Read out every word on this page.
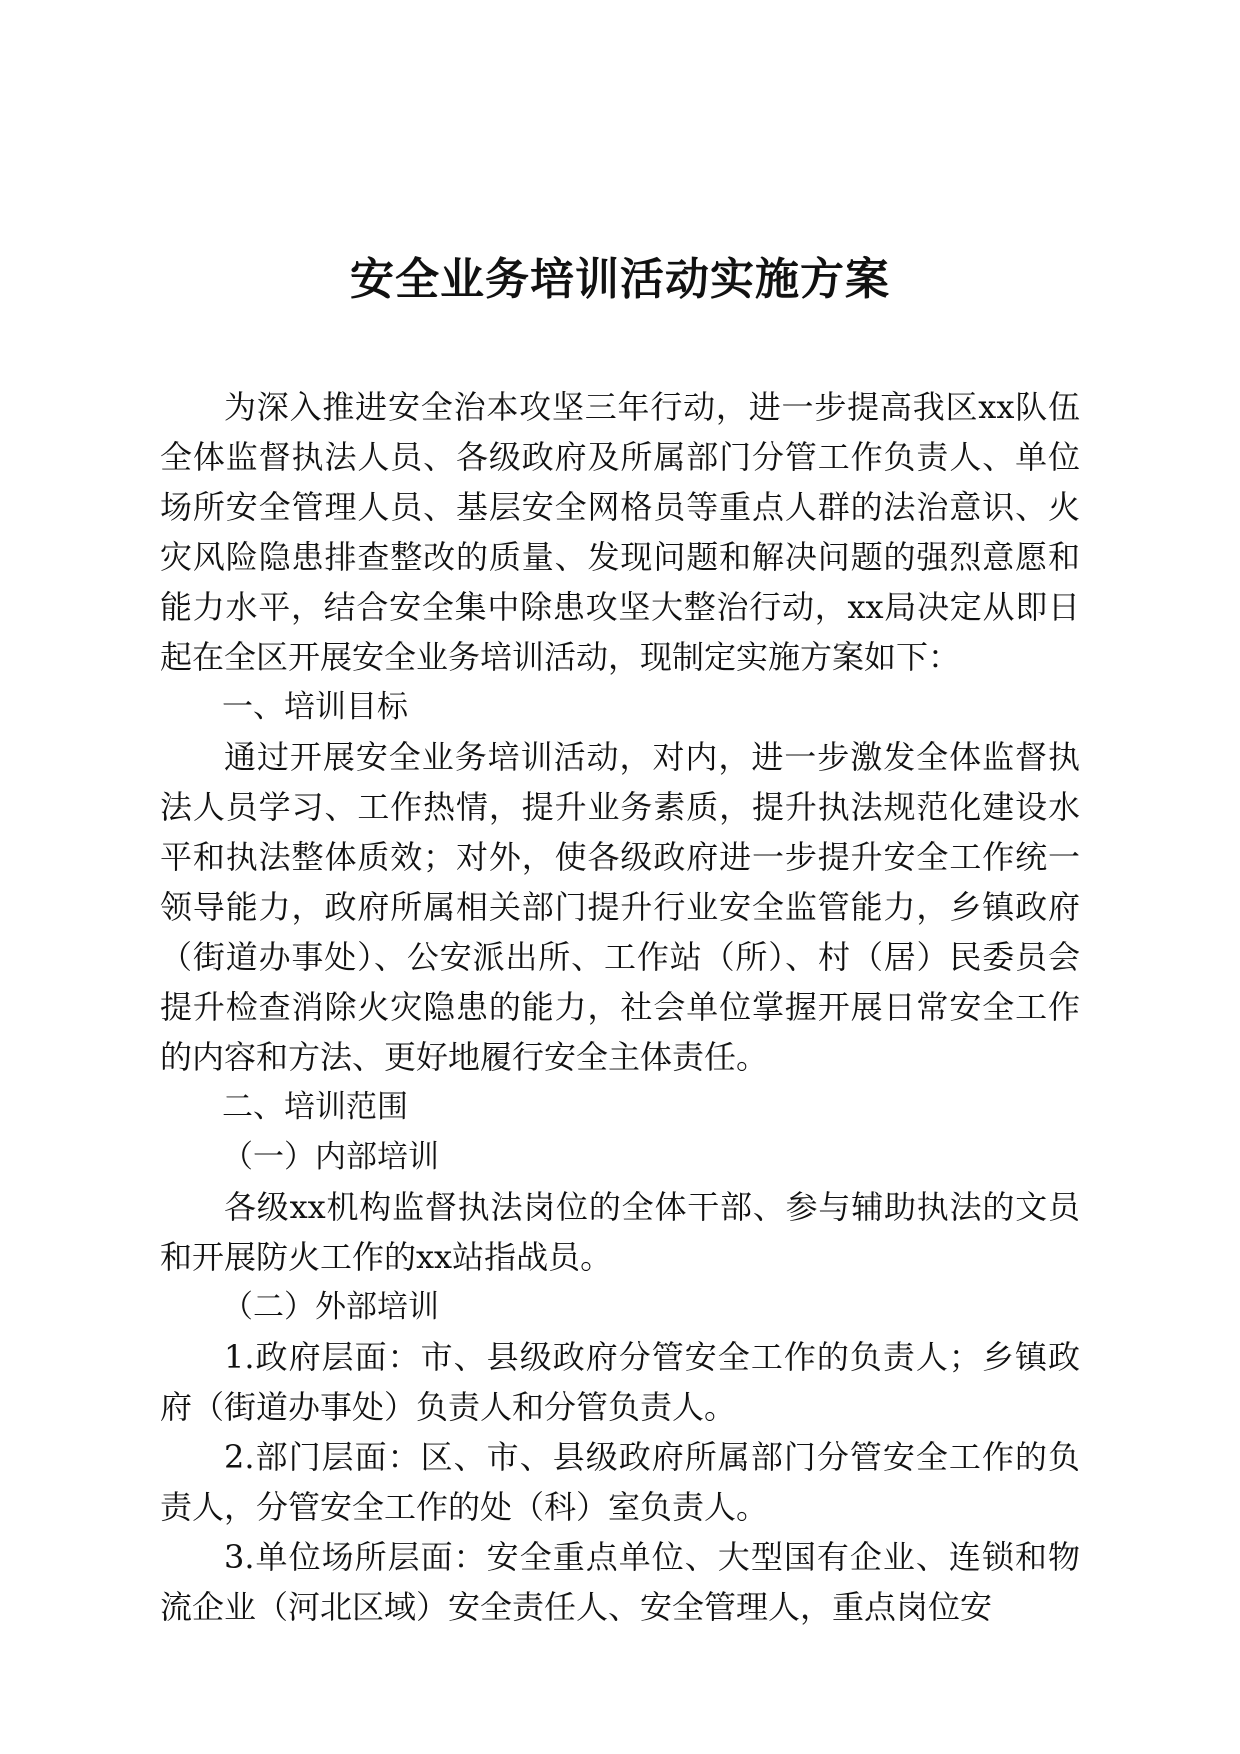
安全业务培训活动实施方案

为深入推进安全治本攻坚三年行动，进一步提高我区xx队伍全体监督执法人员、各级政府及所属部门分管工作负责人、单位场所安全管理人员、基层安全网格员等重点人群的法治意识、火灾风险隐患排查整改的质量、发现问题和解决问题的强烈意愿和能力水平，结合安全集中除患攻坚大整治行动，xx局决定从即日起在全区开展安全业务培训活动，现制定实施方案如下：

一、培训目标

通过开展安全业务培训活动，对内，进一步激发全体监督执法人员学习、工作热情，提升业务素质，提升执法规范化建设水平和执法整体质效；对外，使各级政府进一步提升安全工作统一领导能力，政府所属相关部门提升行业安全监管能力，乡镇政府（街道办事处）、公安派出所、工作站（所）、村（居）民委员会提升检查消除火灾隐患的能力，社会单位掌握开展日常安全工作的内容和方法、更好地履行安全主体责任。

二、培训范围

（一）内部培训

各级xx机构监督执法岗位的全体干部、参与辅助执法的文员和开展防火工作的xx站指战员。

（二）外部培训

1.政府层面：市、县级政府分管安全工作的负责人；乡镇政府（街道办事处）负责人和分管负责人。

2.部门层面：区、市、县级政府所属部门分管安全工作的负责人，分管安全工作的处（科）室负责人。

3.单位场所层面：安全重点单位、大型国有企业、连锁和物流企业（河北区域）安全责任人、安全管理人，重点岗位安
